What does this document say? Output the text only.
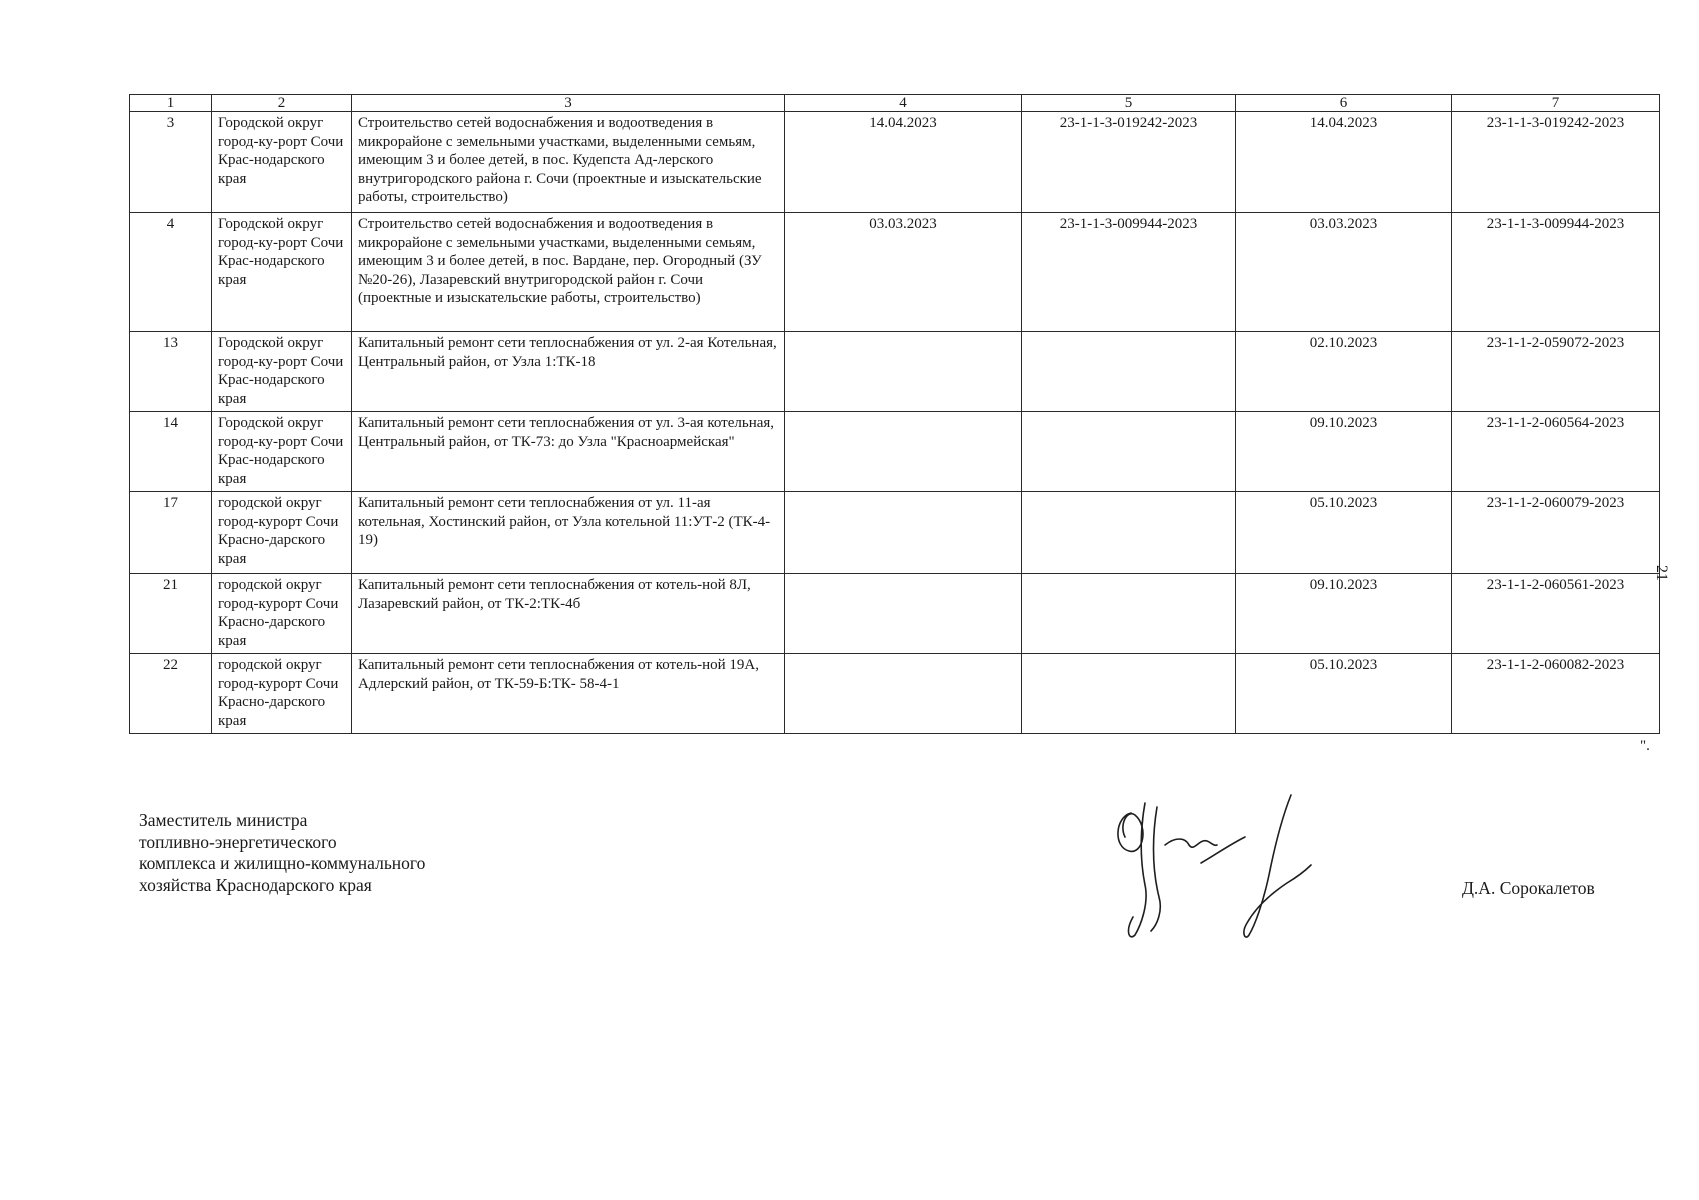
1	2	3	4	5	6	7
3	Городской округ город-ку-рорт Сочи Крас-нодарского края	Строительство сетей водоснабжения и водоотведения в микрорайоне с земельными участками, выделенными семьям, имеющим 3 и более детей, в пос. Кудепста Ад-лерского внутригородского района г. Сочи (проектные и изыскательские работы, строительство)	14.04.2023	23-1-1-3-019242-2023	14.04.2023	23-1-1-3-019242-2023
4	Городской округ город-ку-рорт Сочи Крас-нодарского края	Строительство сетей водоснабжения и водоотведения в микрорайоне с земельными участками, выделенными семьям, имеющим 3 и более детей, в пос. Вардане, пер. Огородный (ЗУ №20-26), Лазаревский внутригородской район г. Сочи (проектные и изыскательские работы, строительство)	03.03.2023	23-1-1-3-009944-2023	03.03.2023	23-1-1-3-009944-2023
13	Городской округ город-ку-рорт Сочи Крас-нодарского края	Капитальный ремонт сети теплоснабжения от ул. 2-ая Котельная, Центральный район, от Узла 1:ТК-18			02.10.2023	23-1-1-2-059072-2023
14	Городской округ город-ку-рорт Сочи Крас-нодарского края	Капитальный ремонт сети теплоснабжения от ул. 3-ая котельная, Центральный район, от ТК-73: до Узла "Красноармейская"			09.10.2023	23-1-1-2-060564-2023
17	городской округ город-курорт Сочи Красно-дарского края	Капитальный ремонт сети теплоснабжения от ул. 11-ая котельная, Хостинский район, от Узла котельной 11:УТ-2 (ТК-4-19)			05.10.2023	23-1-1-2-060079-2023
21	городской округ город-курорт Сочи Красно-дарского края	Капитальный ремонт сети теплоснабжения от котель-ной 8Л, Лазаревский район, от ТК-2:ТК-4б			09.10.2023	23-1-1-2-060561-2023
22	городской округ город-курорт Сочи Красно-дарского края	Капитальный ремонт сети теплоснабжения от котель-ной 19А, Адлерский район, от ТК-59-Б:ТК- 58-4-1			05.10.2023	23-1-1-2-060082-2023
".
21
Заместитель министра
топливно-энергетического
комплекса и жилищно-коммунального
хозяйства Краснодарского края	Д.А. Сорокалетов
